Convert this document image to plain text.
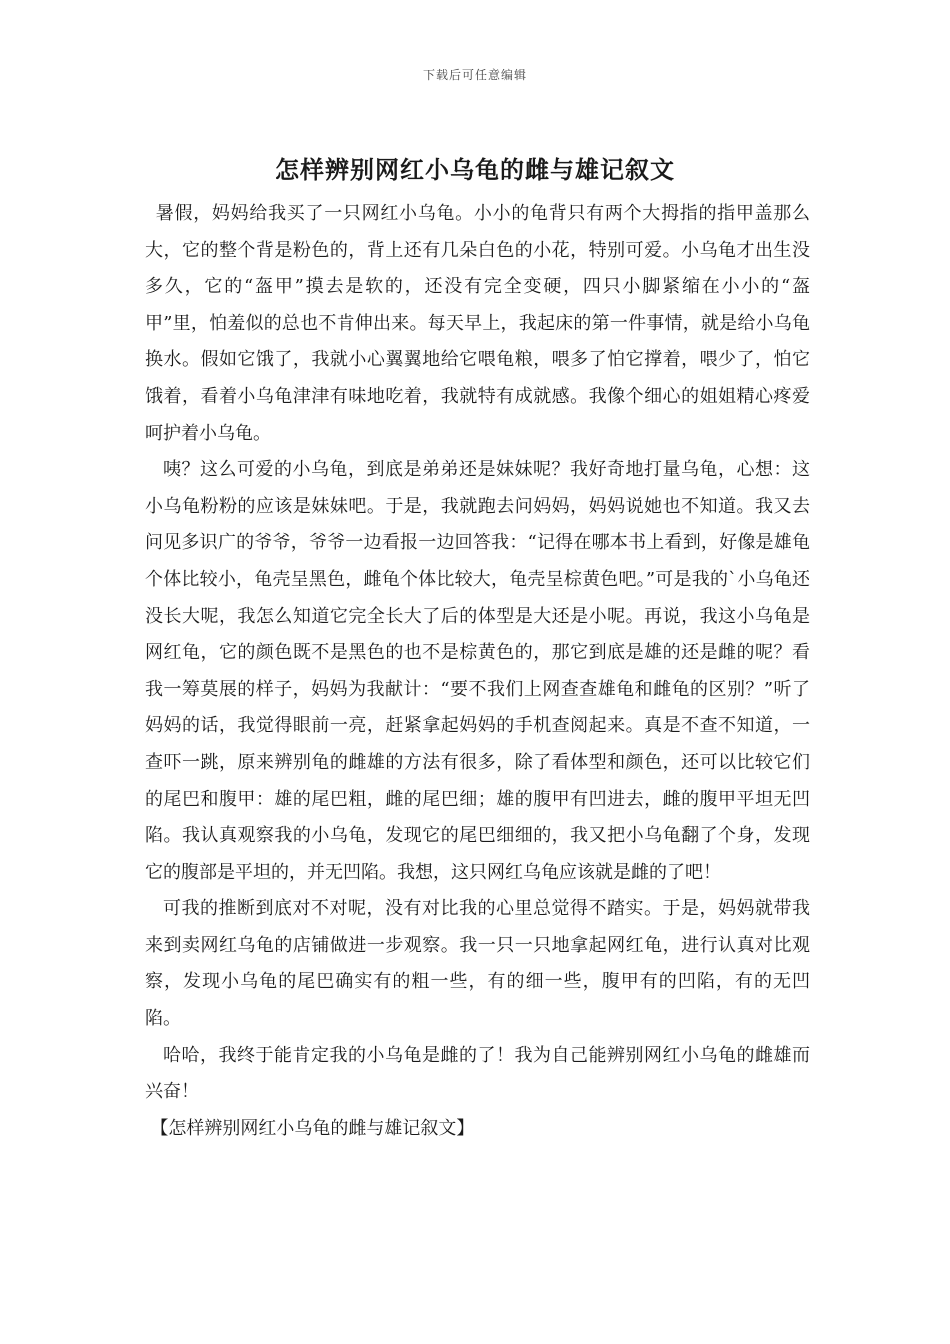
下载后可任意编辑
怎样辨别网红小乌龟的雌与雄记叙文

暑假，妈妈给我买了一只网红小乌龟。小小的龟背只有两个大拇指的指甲盖那么大，它的整个背是粉色的，背上还有几朵白色的小花，特别可爱。小乌龟才出生没多久，它的“盔甲”摸去是软的，还没有完全变硬，四只小脚紧缩在小小的“盔甲”里，怕羞似的总也不肯伸出来。每天早上，我起床的第一件事情，就是给小乌龟换水。假如它饿了，我就小心翼翼地给它喂龟粮，喂多了怕它撑着，喂少了，怕它饿着，看着小乌龟津津有味地吃着，我就特有成就感。我像个细心的姐姐精心疼爱呵护着小乌龟。

咦？这么可爱的小乌龟，到底是弟弟还是妹妹呢？我好奇地打量乌龟，心想：这小乌龟粉粉的应该是妹妹吧。于是，我就跑去问妈妈，妈妈说她也不知道。我又去问见多识广的爷爷，爷爷一边看报一边回答我：“记得在哪本书上看到，好像是雄龟个体比较小，龟壳呈黑色，雌龟个体比较大，龟壳呈棕黄色吧。”可是我的`小乌龟还没长大呢，我怎么知道它完全长大了后的体型是大还是小呢。再说，我这小乌龟是网红龟，它的颜色既不是黑色的也不是棕黄色的，那它到底是雄的还是雌的呢？看我一筹莫展的样子，妈妈为我献计：“要不我们上网查查雄龟和雌龟的区别？”听了妈妈的话，我觉得眼前一亮，赶紧拿起妈妈的手机查阅起来。真是不查不知道，一查吓一跳，原来辨别龟的雌雄的方法有很多，除了看体型和颜色，还可以比较它们的尾巴和腹甲：雄的尾巴粗，雌的尾巴细；雄的腹甲有凹进去，雌的腹甲平坦无凹陷。我认真观察我的小乌龟，发现它的尾巴细细的，我又把小乌龟翻了个身，发现它的腹部是平坦的，并无凹陷。我想，这只网红乌龟应该就是雌的了吧！

可我的推断到底对不对呢，没有对比我的心里总觉得不踏实。于是，妈妈就带我来到卖网红乌龟的店铺做进一步观察。我一只一只地拿起网红龟，进行认真对比观察，发现小乌龟的尾巴确实有的粗一些，有的细一些，腹甲有的凹陷，有的无凹陷。

哈哈，我终于能肯定我的小乌龟是雌的了！我为自己能辨别网红小乌龟的雌雄而兴奋！

【怎样辨别网红小乌龟的雌与雄记叙文】
